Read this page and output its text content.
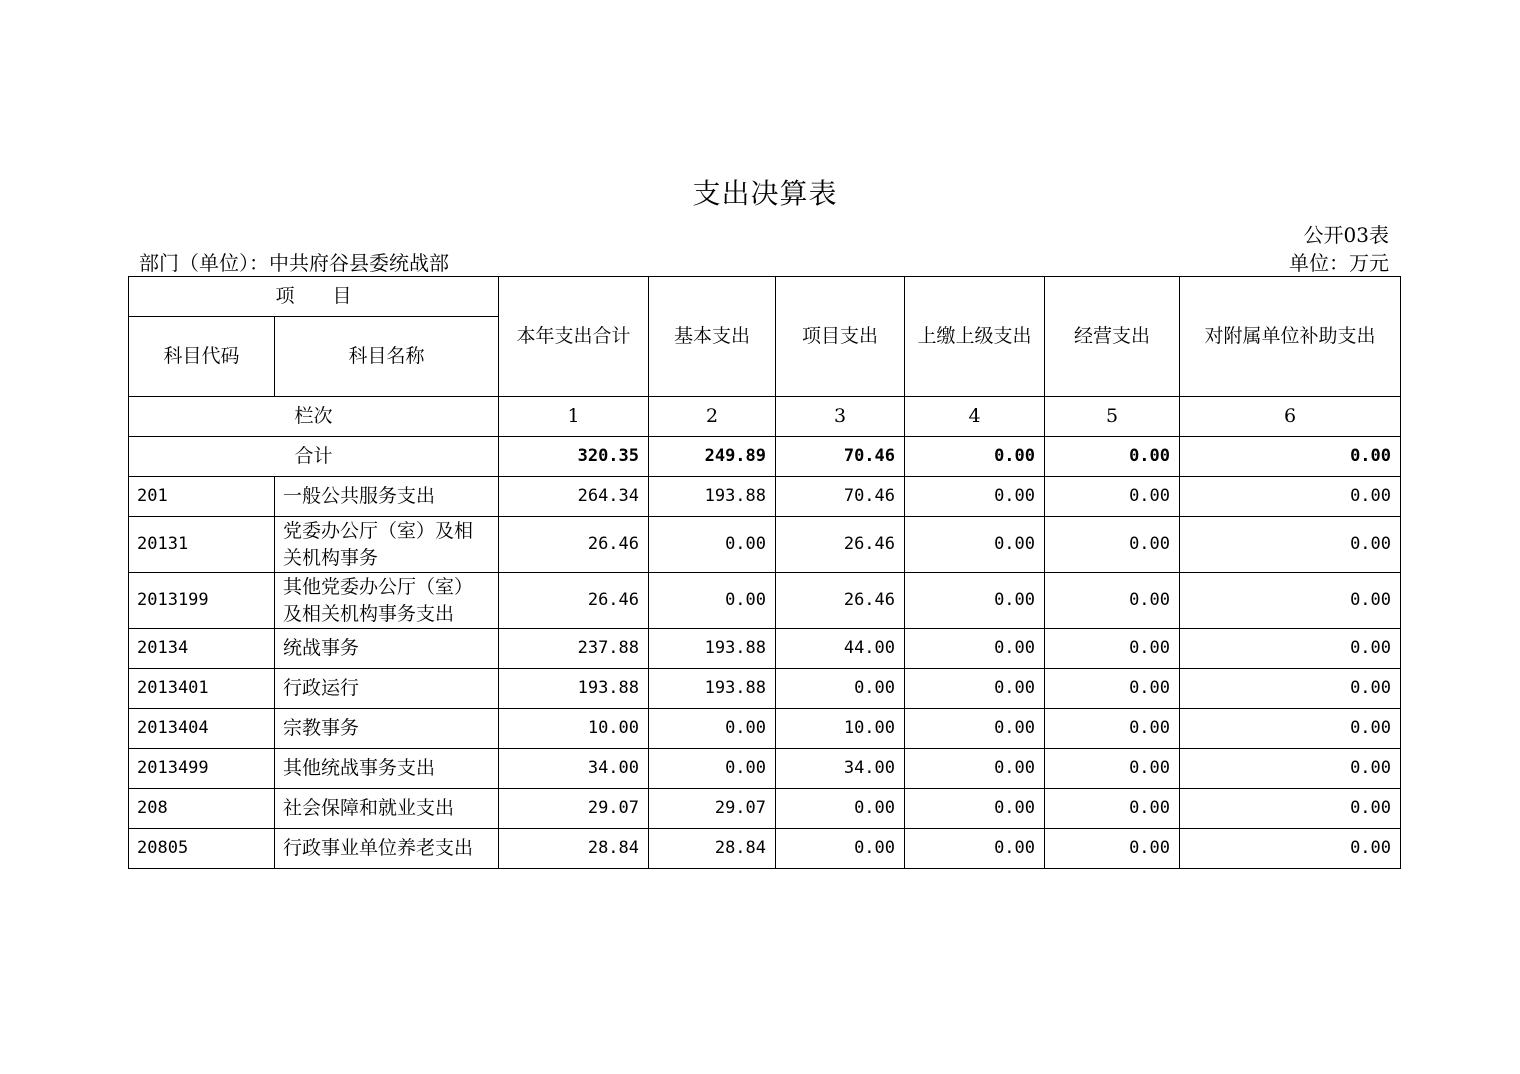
支出决算表
公开03表
单位：万元
部门（单位）：中共府谷县委统战部
项　　目		本年支出合计	基本支出	项目支出	上缴上级支出	经营支出	对附属单位补助支出
科目代码	科目名称						
栏次		1	2	3	4	5	6
合计		320.35	249.89	70.46	0.00	0.00	0.00
201	一般公共服务支出	264.34	193.88	70.46	0.00	0.00	0.00
20131	党委办公厅（室）及相关机构事务	26.46	0.00	26.46	0.00	0.00	0.00
2013199	其他党委办公厅（室）及相关机构事务支出	26.46	0.00	26.46	0.00	0.00	0.00
20134	统战事务	237.88	193.88	44.00	0.00	0.00	0.00
2013401	行政运行	193.88	193.88	0.00	0.00	0.00	0.00
2013404	宗教事务	10.00	0.00	10.00	0.00	0.00	0.00
2013499	其他统战事务支出	34.00	0.00	34.00	0.00	0.00	0.00
208	社会保障和就业支出	29.07	29.07	0.00	0.00	0.00	0.00
20805	行政事业单位养老支出	28.84	28.84	0.00	0.00	0.00	0.00
